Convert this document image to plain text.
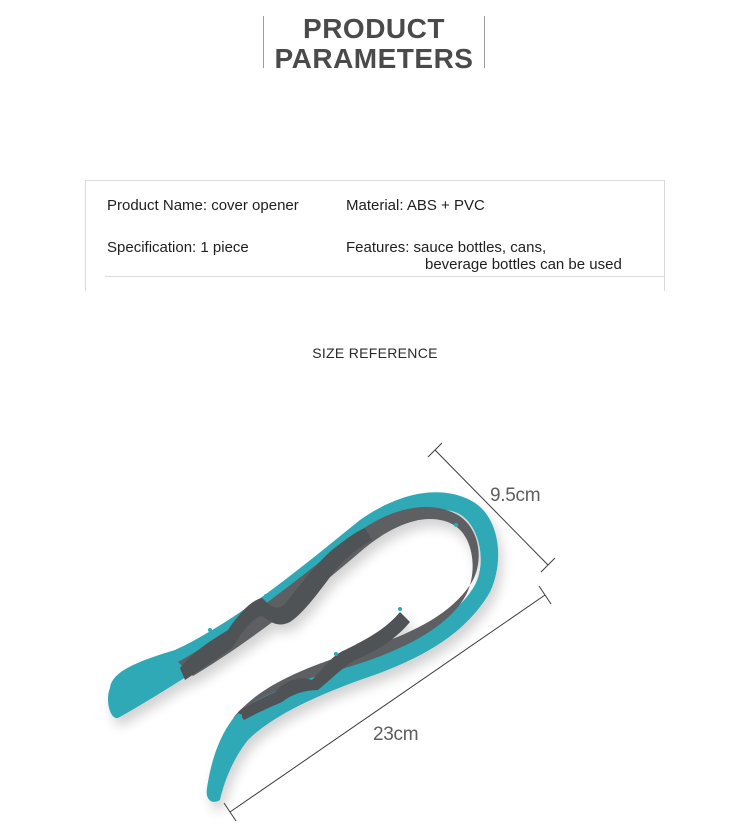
PRODUCT
PARAMETERS
Product Name: cover opener	Material: ABS + PVC
Specification: 1 piece	Features: sauce bottles, cans,
beverage bottles can be used
SIZE REFERENCE
9.5cm
23cm
